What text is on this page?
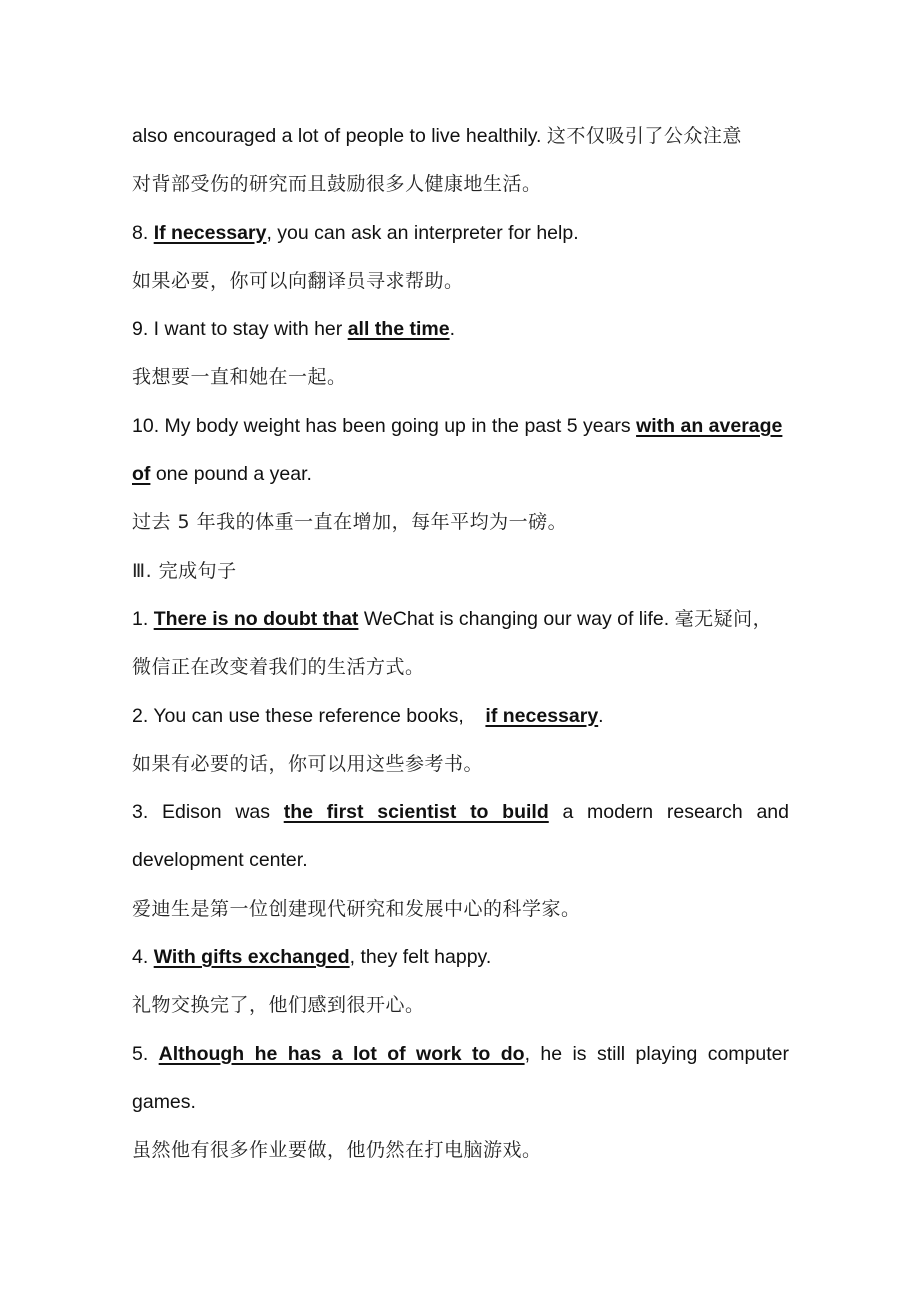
also encouraged a lot of people to live healthily. 这不仅吸引了公众注意
对背部受伤的研究而且鼓励很多人健康地生活。
8. If necessary, you can ask an interpreter for help.
如果必要，你可以向翻译员寻求帮助。
9. I want to stay with her all the time.
我想要一直和她在一起。
10. My body weight has been going up in the past 5 years with an average
of one pound a year.
过去 5 年我的体重一直在增加，每年平均为一磅。
Ⅲ. 完成句子
1. There is no doubt that WeChat is changing our way of life. 毫无疑问，
微信正在改变着我们的生活方式。
2. You can use these reference books,    if necessary.
如果有必要的话，你可以用这些参考书。
3. Edison was the first scientist to build a modern research and
development center.
爱迪生是第一位创建现代研究和发展中心的科学家。
4. With gifts exchanged, they felt happy.
礼物交换完了，他们感到很开心。
5. Although he has a lot of work to do, he is still playing computer
games.
虽然他有很多作业要做，他仍然在打电脑游戏。
